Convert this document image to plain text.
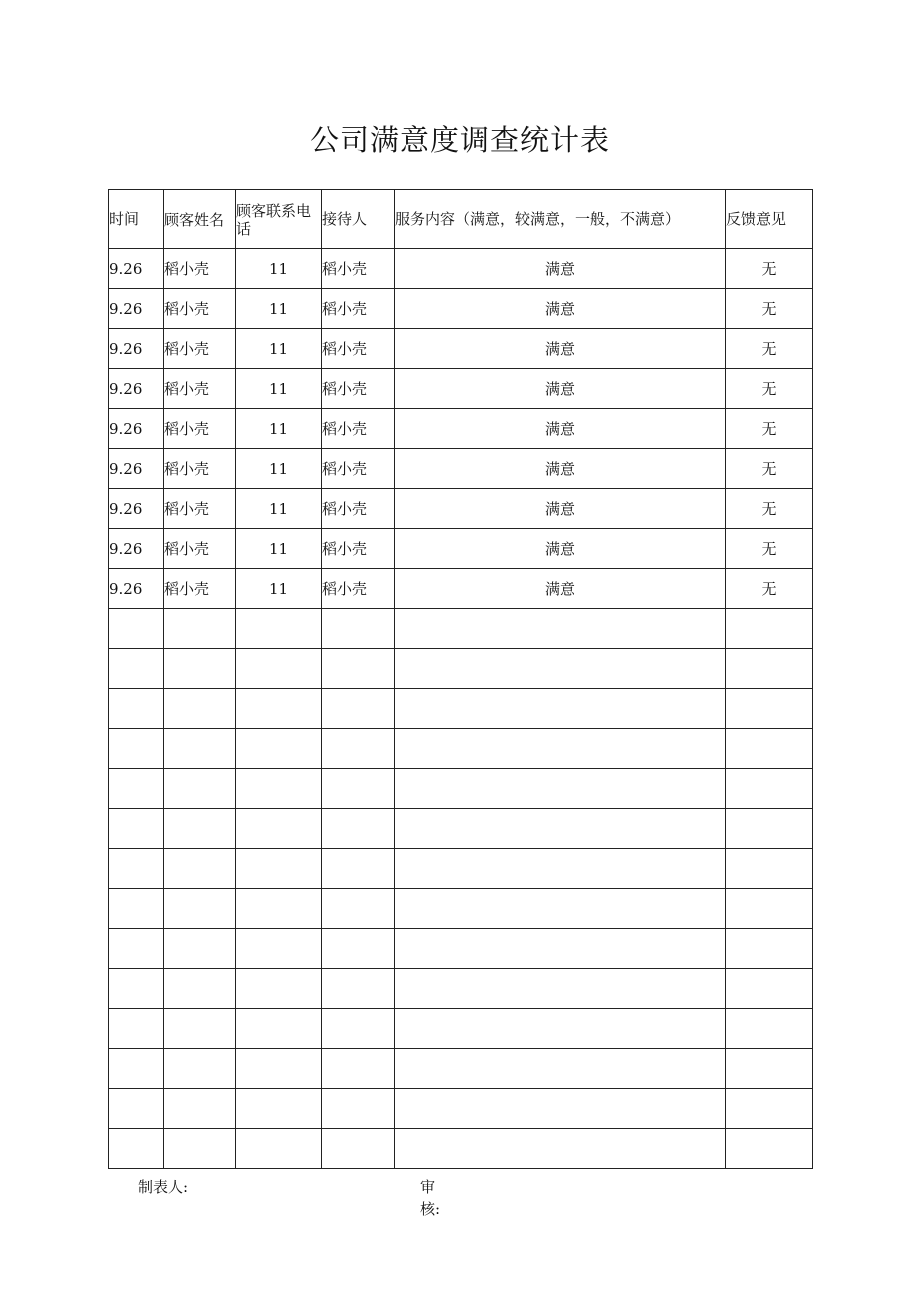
公司满意度调查统计表
时间	顾客姓名	顾客联系电话	接待人	服务内容（满意，较满意，一般，不满意）	反馈意见
9.26	稻小壳	11	稻小壳	满意	无
9.26	稻小壳	11	稻小壳	满意	无
9.26	稻小壳	11	稻小壳	满意	无
9.26	稻小壳	11	稻小壳	满意	无
9.26	稻小壳	11	稻小壳	满意	无
9.26	稻小壳	11	稻小壳	满意	无
9.26	稻小壳	11	稻小壳	满意	无
9.26	稻小壳	11	稻小壳	满意	无
9.26	稻小壳	11	稻小壳	满意	无

制表人:	审
核:
